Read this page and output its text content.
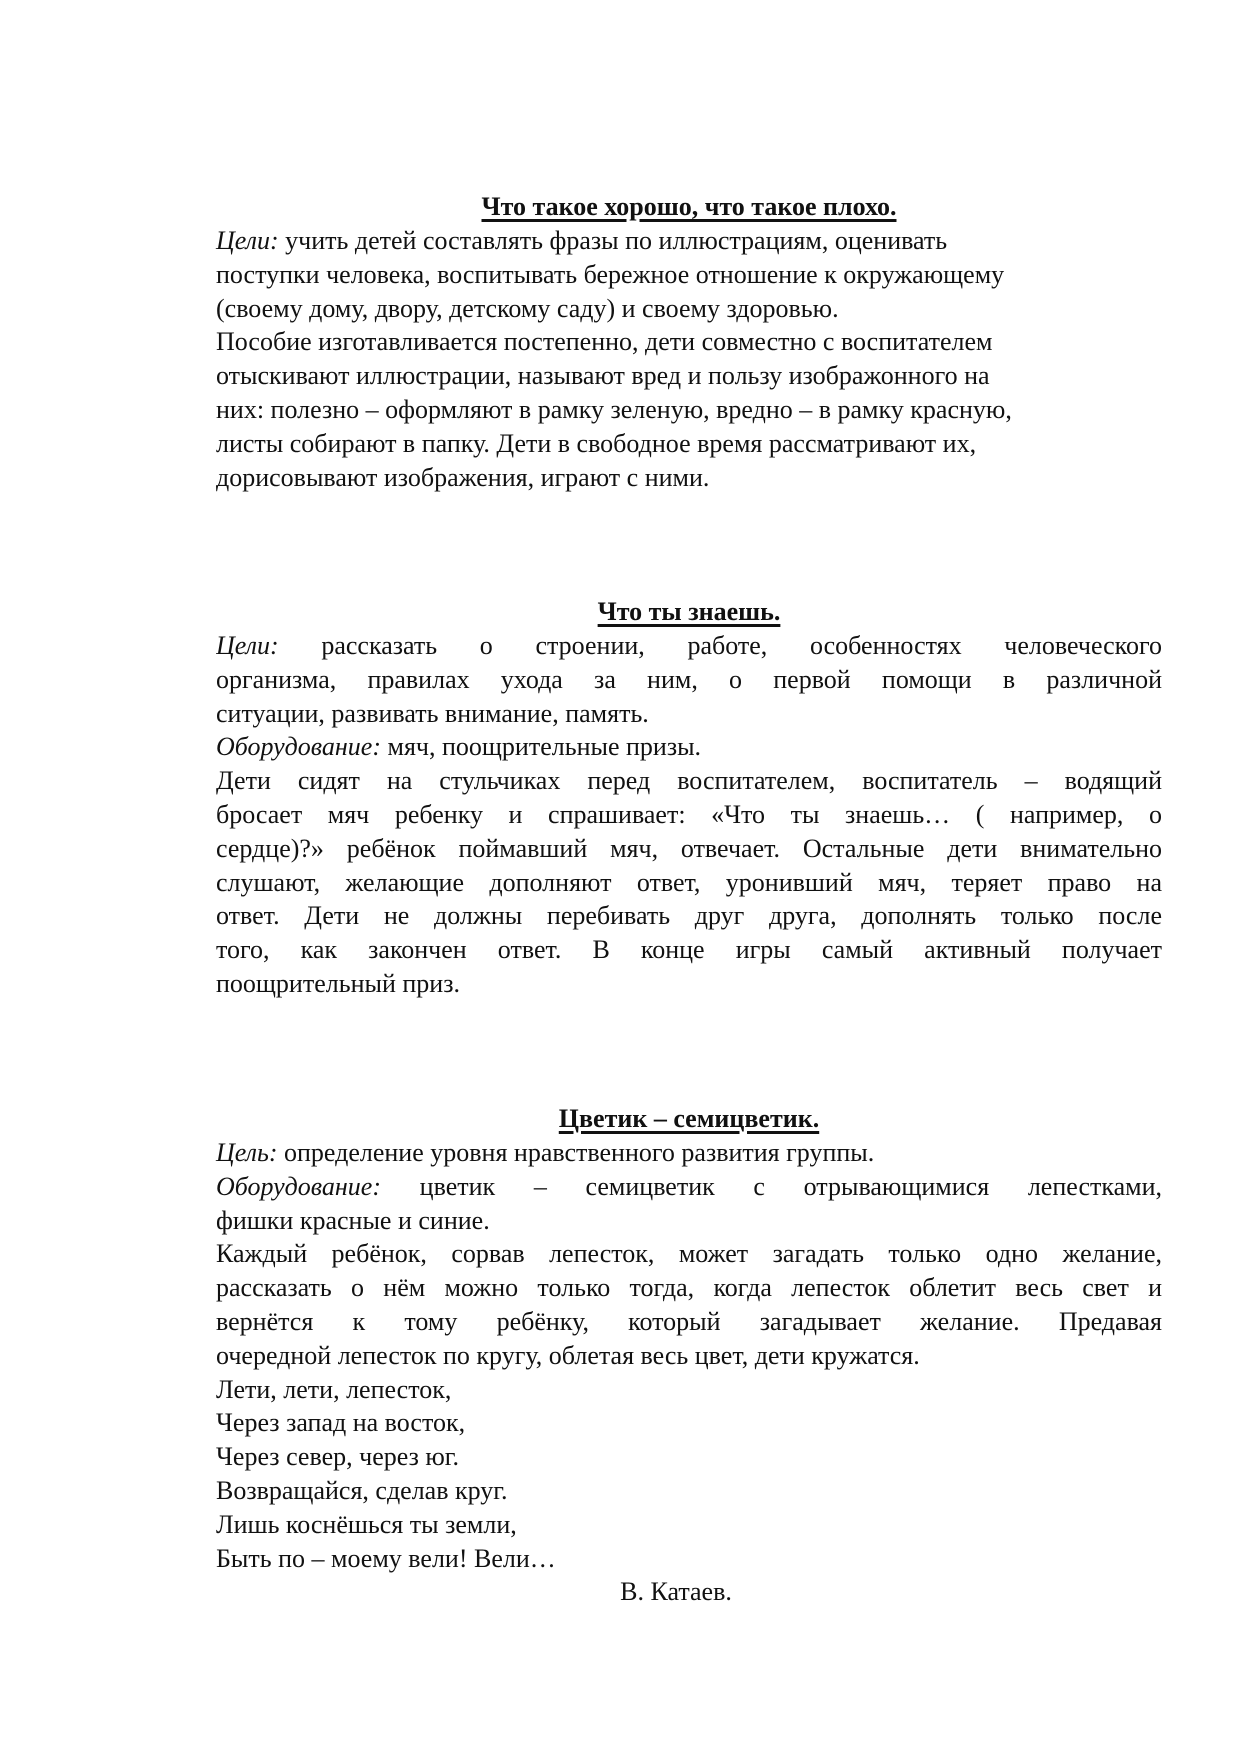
Что такое хорошо, что такое плохо.
Цели: учить детей составлять фразы по иллюстрациям, оценивать
поступки человека, воспитывать бережное отношение к окружающему
(своему дому, двору, детскому саду) и своему здоровью.
Пособие изготавливается постепенно, дети совместно с воспитателем
отыскивают иллюстрации, называют вред и пользу изображонного на
них: полезно – оформляют в рамку зеленую, вредно – в рамку красную,
листы собирают в папку. Дети в свободное время рассматривают их,
дорисовывают изображения, играют с ними.
Что ты знаешь.
Цели: рассказать о строении, работе, особенностях человеческого
организма, правилах ухода за ним, о первой помощи в различной
ситуации, развивать внимание, память.
Оборудование: мяч, поощрительные призы.
Дети сидят на стульчиках перед воспитателем, воспитатель – водящий
бросает мяч ребенку и спрашивает: «Что ты знаешь… ( например, о
сердце)?» ребёнок поймавший мяч, отвечает. Остальные дети внимательно
слушают, желающие дополняют ответ, уронивший мяч, теряет право на
ответ. Дети не должны перебивать друг друга, дополнять только после
того, как закончен ответ. В конце игры самый активный получает
поощрительный приз.
Цветик – семицветик.
Цель: определение уровня нравственного развития группы.
Оборудование: цветик – семицветик с отрывающимися лепестками,
фишки красные и синие.
Каждый ребёнок, сорвав лепесток, может загадать только одно желание,
рассказать о нём можно только тогда, когда лепесток облетит весь свет и
вернётся к тому ребёнку, который загадывает желание. Предавая
очередной лепесток по кругу, облетая весь цвет, дети кружатся.
Лети, лети, лепесток,
Через запад на восток,
Через север, через юг.
Возвращайся, сделав круг.
Лишь коснёшься ты земли,
Быть по – моему вели! Вели…
В. Катаев.
